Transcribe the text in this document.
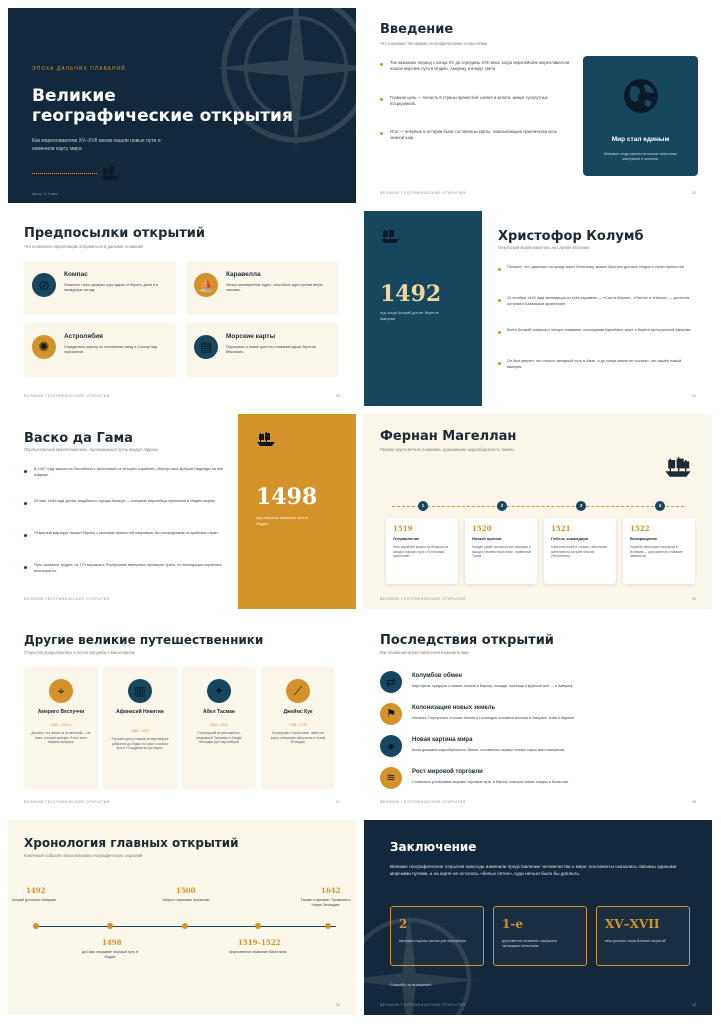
ЭПОХА ДАЛЬНИХ ПЛАВАНИЙ
Великие
географические открытия
Как мореплаватели XV–XVII веков нашли новые пути и изменили карту мира
Автор: Э. Гомес
Введение
Что называют Великими географическими открытиями
Так называют период с конца XV до середины XVII века, когда европейские мореплаватели нашли морские пути в Индию, Америку и вокруг света.
Главная цель — попасть в страны пряностей, шелка и золота, минуя сухопутных посредников.
Итог — впервые в истории были составлены карты, охватывающие практически весь земной шар.	Мир стал единым
Впервые люди узнали истинные очертания материков и океанов.
ВЕЛИКИЕ ГЕОГРАФИЧЕСКИЕ ОТКРЫТИЯ	02
Предпосылки открытий
Что позволило европейцам отправиться в дальние плавания
⊘
Компас
Позволял точно держать курс вдали от берега, днем и в пасмурную погоду.	⛵
Каравелла
Легкое маневренное судно, способное идти против ветра галсами.
✺
Астролябия
Определяла широту по положению звезд и Солнца над горизонтом.	▤
Морские карты
Портоланы и новые долготы плавания вдоль берегов безопасно.
ВЕЛИКИЕ ГЕОГРАФИЧЕСКИЕ ОТКРЫТИЯ	03
1492
год, когда Колумб достиг берегов Америки
Христофор Колумб
Генуэзский мореплаватель на службе Испании
Полагал, что, двигаясь на запад через Атлантику, можно быстрее достичь Индии и стран пряностей.
12 октября 1492 года экспедиция из трёх каравелл — «Санта-Мария», «Пинта» и «Нинья» — достигла острова в Багамском архипелаге.
Всего Колумб совершил четыре плавания, исследовав Карибское море и берега Центральной Америки.
Он был уверен, что открыл западный путь в Азию, и до конца жизни не осознал, что нашёл новый материк.
04
Васко да Гама
Португальский мореплаватель, проложивший путь вокруг Африки
В 1497 году вышел из Лиссабона с флотилией из четырёх кораблей, обогнул мыс Доброй Надежды на юге Африки.
20 мая 1498 года достиг индийского города Каликут — впервые европейцы приплыли в Индию морем.
Открытый маршрут связал Европу с рынками пряностей напрямую, без посредников из арабских стран.
Путь оказался труден: из 170 моряков в Португалию вернулись примерно треть, но экспедиция окупилась многократно.
1498
год открытия морского пути в Индию
ВЕЛИКИЕ ГЕОГРАФИЧЕСКИЕ ОТКРЫТИЯ
Фернан Магеллан
Первое кругосветное плавание, доказавшее шарообразность Земли
1
1519
Отправление
Пять кораблей вышли из Испании на запад в поисках пути к «Островам пряностей».
2
1520
Новый пролив
Найден узкий пролив на юге Америки и выход в неизвестный океан, названный Тихим.
3
1521
Гибель командира
Магеллан погиб в стычке с местными жителями на острове Мактан (Филиппины).
4
1522
Возвращение
Корабль «Виктория» вернулся в Испанию — кругосветное плавание завершено.
ВЕЛИКИЕ ГЕОГРАФИЧЕСКИЕ ОТКРЫТИЯ	06
Другие великие путешественники
Открытия продолжались и после Колумба с Магелланом
⌖
Америго Веспуччи
1454 – 1512 гг.
Доказал, что земли за Атлантикой — не Азия, а новый материк. В его честь названа Америка.
▥
Афанасий Никитин
1468 – 1474
Русский купец, первым из европейцев добрался до Индии по суше и описал путь в «Хождении за три моря».
✦
Абел Тасман
1642 – 1644
Голландский мореплаватель, открывший Тасманию и Новую Зеландию для европейцев.
⟋
Джеймс Кук
1768 – 1779
Исследовал Тихий океан, нанёс на карту побережье Австралии и Новой Зеландии.
ВЕЛИКИЕ ГЕОГРАФИЧЕСКИЕ ОТКРЫТИЯ	07
Последствия открытий
Как плавания мореплавателей изменили мир
⇄	Колумбов обмен
Картофель, кукуруза и томаты попали в Европу; лошади, пшеница и крупный скот — в Америку.
⚑	Колонизация новых земель
Испания, Португалия, а позже Англия и Голландия основали колонии в Америке, Азии и Африке.
●	Новая картина мира
Была доказана шарообразность Земли, составлены первые точные карты всех материков.
≋	Рост мировой торговли
Сложились устойчивые морские торговые пути, в Европу хлынули новые товары и богатства.
ВЕЛИКИЕ ГЕОГРАФИЧЕСКИЕ ОТКРЫТИЯ	08
Хронология главных открытий
Ключевые события эпохи Великих географических открытий
1492
Колумб достигает Америки
1498
да Гама открывает морской путь в Индию
1500
Кабрал открывает Бразилию
1519–1522
Кругосветное плавание Магеллана
1642
Тасман открывает Тасманию и Новую Зеландию
09
Заключение
Великие географические открытия навсегда изменили представление человечества о мире: континенты оказались связаны едиными морскими путями, а на карте не осталось «белых пятен», куда нельзя было бы доплыть.
2
материка открыты заново для европейцев
1-е
кругосветное плавание совершила экспедиция Магеллана
XV–XVII
века длилась эпоха Великих открытий
Спасибо за внимание!
ВЕЛИКИЕ ГЕОГРАФИЧЕСКИЕ ОТКРЫТИЯ	10
